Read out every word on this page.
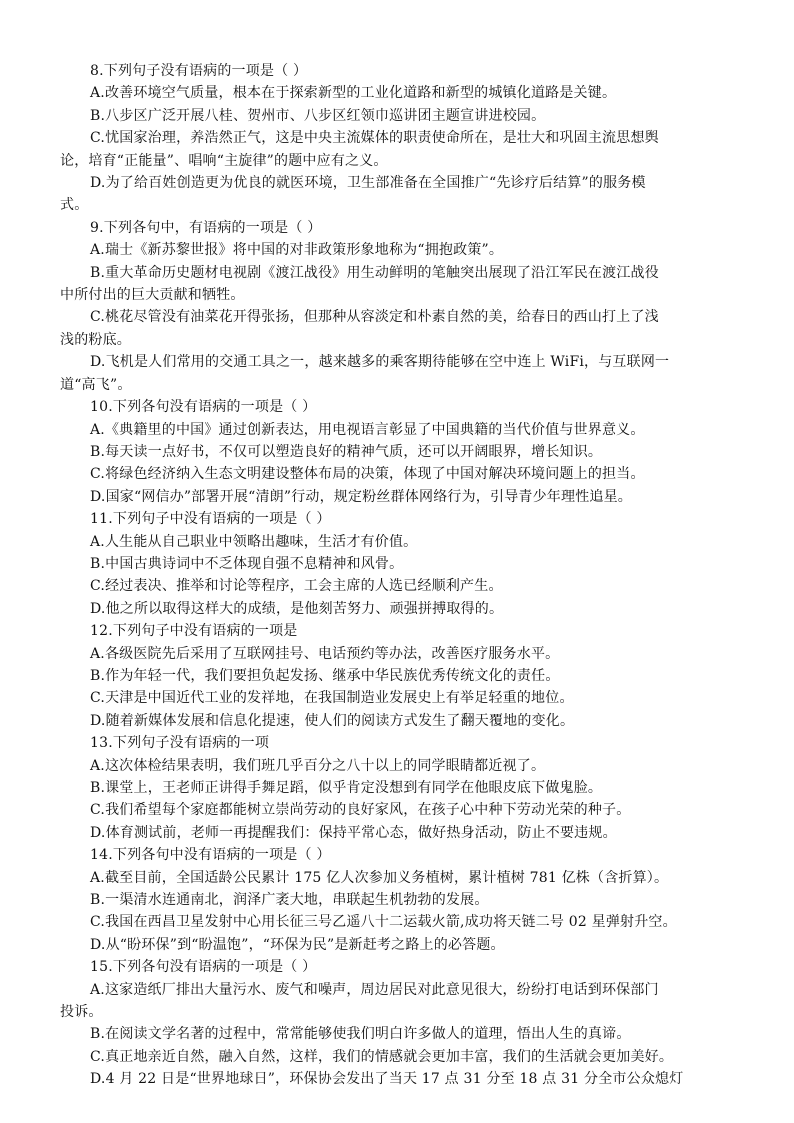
8.下列句子没有语病的一项是（ ）
A.改善环境空气质量，根本在于探索新型的工业化道路和新型的城镇化道路是关键。
B.八步区广泛开展八桂、贺州市、八步区红领巾巡讲团主题宣讲进校园。
C.忧国家治理，养浩然正气，这是中央主流媒体的职责使命所在，是壮大和巩固主流思想舆
论，培育“正能量”、唱响“主旋律”的题中应有之义。
D.为了给百姓创造更为优良的就医环境，卫生部准备在全国推广“先诊疗后结算”的服务模
式。
9.下列各句中，有语病的一项是（ ）
A.瑞士《新苏黎世报》将中国的对非政策形象地称为“拥抱政策”。
B.重大革命历史题材电视剧《渡江战役》用生动鲜明的笔触突出展现了沿江军民在渡江战役
中所付出的巨大贡献和牺牲。
C.桃花尽管没有油菜花开得张扬，但那种从容淡定和朴素自然的美，给春日的西山打上了浅
浅的粉底。
D.飞机是人们常用的交通工具之一，越来越多的乘客期待能够在空中连上 WiFi，与互联网一
道“高飞”。
10.下列各句没有语病的一项是（ ）
A.《典籍里的中国》通过创新表达，用电视语言彰显了中国典籍的当代价值与世界意义。
B.每天读一点好书，不仅可以塑造良好的精神气质，还可以开阔眼界，增长知识。
C.将绿色经济纳入生态文明建设整体布局的决策，体现了中国对解决环境问题上的担当。
D.国家“网信办”部署开展“清朗”行动，规定粉丝群体网络行为，引导青少年理性追星。
11.下列句子中没有语病的一项是（ ）
A.人生能从自己职业中领略出趣味，生活才有价值。
B.中国古典诗词中不乏体现自强不息精神和风骨。
C.经过表决、推举和讨论等程序，工会主席的人选已经顺利产生。
D.他之所以取得这样大的成绩，是他刻苦努力、顽强拼搏取得的。
12.下列句子中没有语病的一项是
A.各级医院先后采用了互联网挂号、电话预约等办法，改善医疗服务水平。
B.作为年轻一代，我们要担负起发扬、继承中华民族优秀传统文化的责任。
C.天津是中国近代工业的发祥地，在我国制造业发展史上有举足轻重的地位。
D.随着新媒体发展和信息化提速，使人们的阅读方式发生了翻天覆地的变化。
13.下列句子没有语病的一项
A.这次体检结果表明，我们班几乎百分之八十以上的同学眼睛都近视了。
B.课堂上，王老师正讲得手舞足蹈，似乎肯定没想到有同学在他眼皮底下做鬼脸。
C.我们希望每个家庭都能树立崇尚劳动的良好家风，在孩子心中种下劳动光荣的种子。
D.体育测试前，老师一再提醒我们：保持平常心态，做好热身活动，防止不要违规。
14.下列各句中没有语病的一项是（ ）
A.截至目前，全国适龄公民累计 175 亿人次参加义务植树，累计植树 781 亿株（含折算）。
B.一渠清水连通南北，润泽广袤大地，串联起生机勃勃的发展。
C.我国在西昌卫星发射中心用长征三号乙遥八十二运载火箭,成功将天链二号 02 星弹射升空。
D.从“盼环保”到“盼温饱”，“环保为民”是新赶考之路上的必答题。
15.下列各句没有语病的一项是（ ）
A.这家造纸厂排出大量污水、废气和噪声，周边居民对此意见很大，纷纷打电话到环保部门
投诉。
B.在阅读文学名著的过程中，常常能够使我们明白许多做人的道理，悟出人生的真谛。
C.真正地亲近自然，融入自然，这样，我们的情感就会更加丰富，我们的生活就会更加美好。
D.4 月 22 日是“世界地球日”，环保协会发出了当天 17 点 31 分至 18 点 31 分全市公众熄灯
